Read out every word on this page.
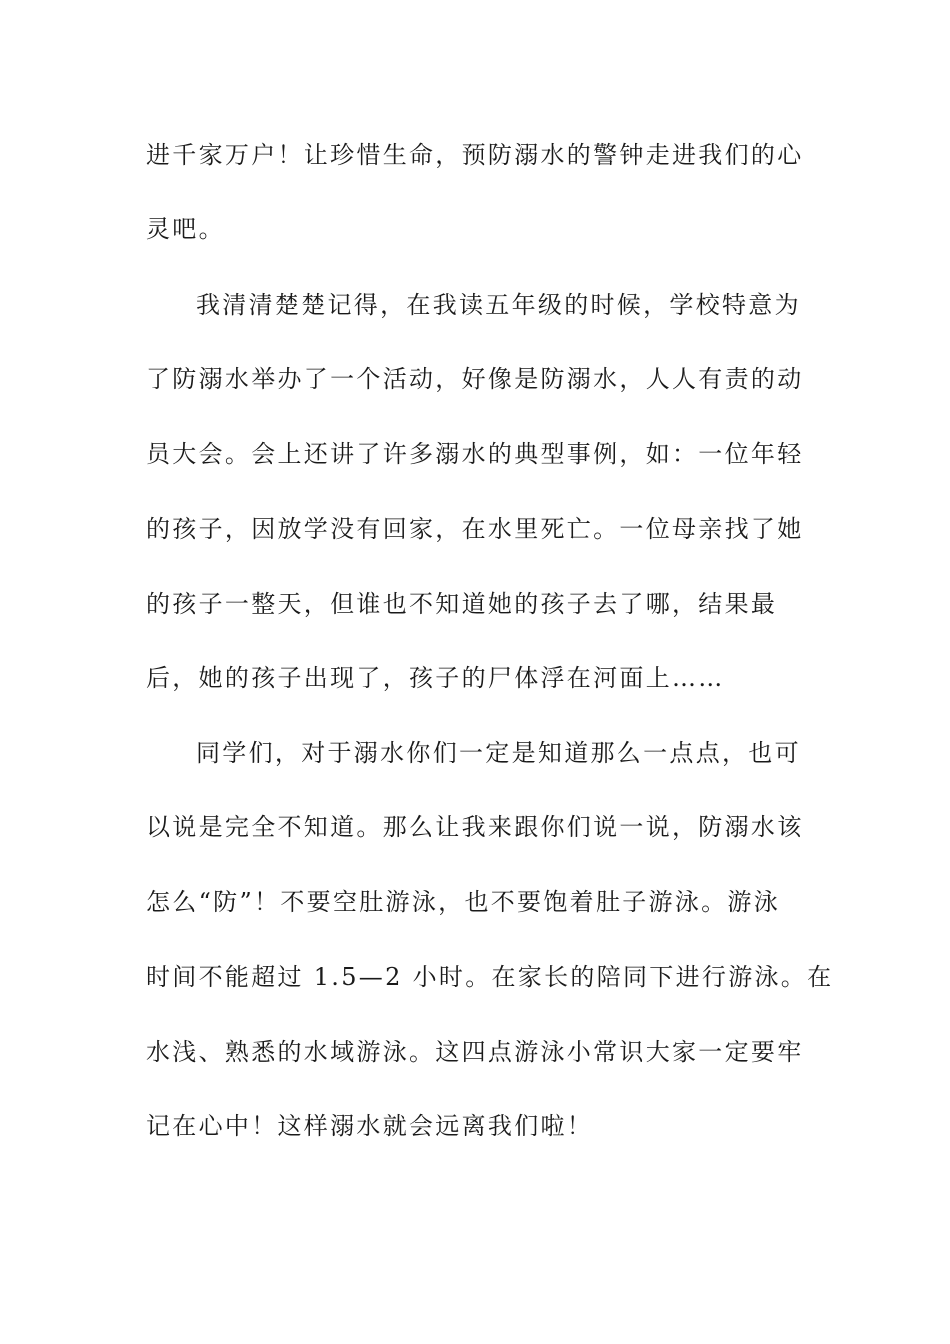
进千家万户！让珍惜生命，预防溺水的警钟走进我们的心

灵吧。

我清清楚楚记得，在我读五年级的时候，学校特意为

了防溺水举办了一个活动，好像是防溺水，人人有责的动

员大会。会上还讲了许多溺水的典型事例，如：一位年轻

的孩子，因放学没有回家，在水里死亡。一位母亲找了她

的孩子一整天，但谁也不知道她的孩子去了哪，结果最

后，她的孩子出现了，孩子的尸体浮在河面上……

同学们，对于溺水你们一定是知道那么一点点，也可

以说是完全不知道。那么让我来跟你们说一说，防溺水该

怎么“防”！不要空肚游泳，也不要饱着肚子游泳。游泳

时间不能超过 1.5—2 小时。在家长的陪同下进行游泳。在

水浅、熟悉的水域游泳。这四点游泳小常识大家一定要牢

记在心中！这样溺水就会远离我们啦！
